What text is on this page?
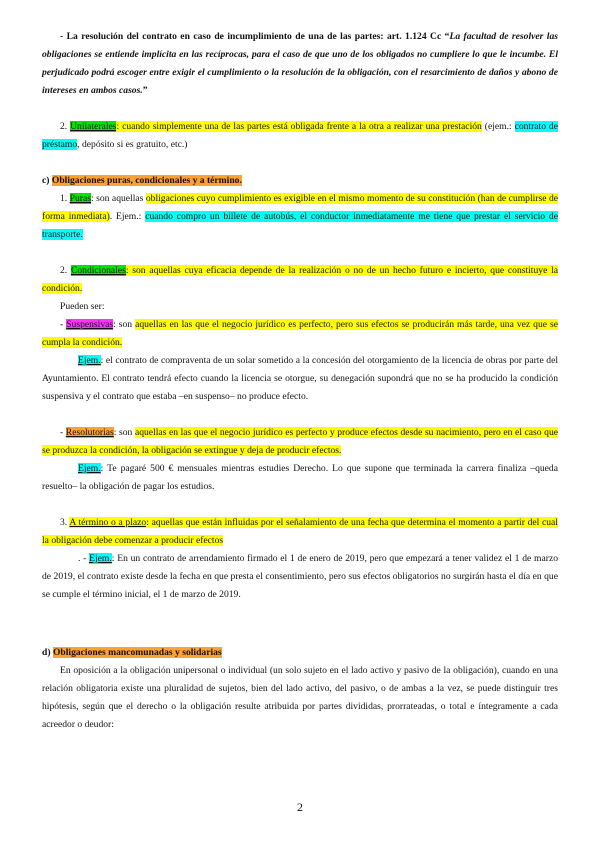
- La resolución del contrato en caso de incumplimiento de una de las partes: art. 1.124 Cc “La facultad de resolver las obligaciones se entiende implícita en las recíprocas, para el caso de que uno de los obligados no cumpliere lo que le incumbe. El perjudicado podrá escoger entre exigir el cumplimiento o la resolución de la obligación, con el resarcimiento de daños y abono de intereses en ambos casos.”

2. Unilaterales: cuando simplemente una de las partes está obligada frente a la otra a realizar una prestación (ejem.: contrato de préstamo, depósito si es gratuito, etc.)

c) Obligaciones puras, condicionales y a término.

1. Puras: son aquellas obligaciones cuyo cumplimiento es exigible en el mismo momento de su constitución (han de cumplirse de forma inmediata). Ejem.: cuando compro un billete de autobús, el conductor inmediatamente me tiene que prestar el servicio de transporte.

2. Condicionales: son aquellas cuya eficacia depende de la realización o no de un hecho futuro e incierto, que constituye la condición.

Pueden ser:

- Suspensivas: son aquellas en las que el negocio jurídico es perfecto, pero sus efectos se producirán más tarde, una vez que se cumpla la condición.

Ejem.: el contrato de compraventa de un solar sometido a la concesión del otorgamiento de la licencia de obras por parte del Ayuntamiento. El contrato tendrá efecto cuando la licencia se otorgue, su denegación supondrá que no se ha producido la condición suspensiva y el contrato que estaba –en suspenso– no produce efecto.

- Resolutorias: son aquellas en las que el negocio jurídico es perfecto y produce efectos desde su nacimiento, pero en el caso que se produzca la condición, la obligación se extingue y deja de producir efectos.

Ejem.: Te pagaré 500 € mensuales mientras estudies Derecho. Lo que supone que terminada la carrera finaliza –queda resuelto– la obligación de pagar los estudios.

3. A término o a plazo: aquellas que están influidas por el señalamiento de una fecha que determina el momento a partir del cual la obligación debe comenzar a producir efectos

. - Ejem.: En un contrato de arrendamiento firmado el 1 de enero de 2019, pero que empezará a tener validez el 1 de marzo de 2019, el contrato existe desde la fecha en que presta el consentimiento, pero sus efectos obligatorios no surgirán hasta el día en que se cumple el término inicial, el 1 de marzo de 2019.

d) Obligaciones mancomunadas y solidarias

En oposición a la obligación unipersonal o individual (un solo sujeto en el lado activo y pasivo de la obligación), cuando en una relación obligatoria existe una pluralidad de sujetos, bien del lado activo, del pasivo, o de ambas a la vez, se puede distinguir tres hipótesis, según que el derecho o la obligación resulte atribuida por partes divididas, prorrateadas, o total e íntegramente a cada acreedor o deudor:

2
